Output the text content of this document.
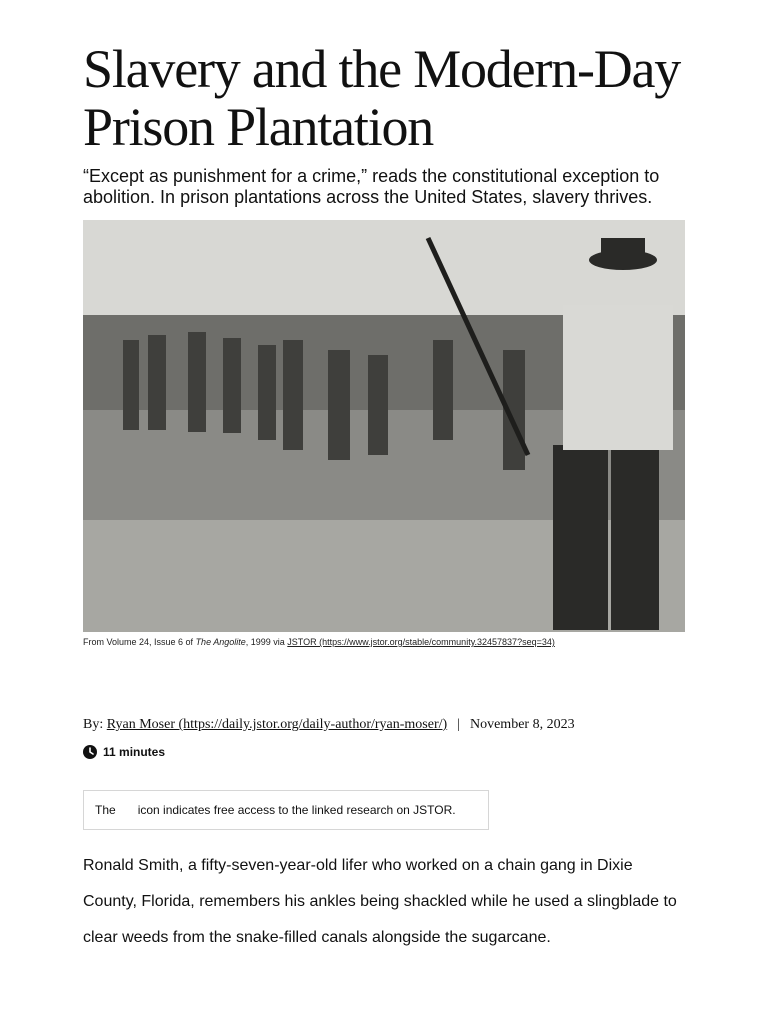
Slavery and the Modern-Day Prison Plantation

“Except as punishment for a crime,” reads the constitutional exception to abolition. In prison plantations across the United States, slavery thrives.

From Volume 24, Issue 6 of The Angolite, 1999 via JSTOR (https://www.jstor.org/stable/community.32457837?seq=34)
By: Ryan Moser (https://daily.jstor.org/daily-author/ryan-moser/) | November 8, 2023
11 minutes
The icon indicates free access to the linked research on JSTOR.

Ronald Smith, a fifty-seven-year-old lifer who worked on a chain gang in Dixie County, Florida, remembers his ankles being shackled while he used a slingblade to clear weeds from the snake-filled canals alongside the sugarcane.
